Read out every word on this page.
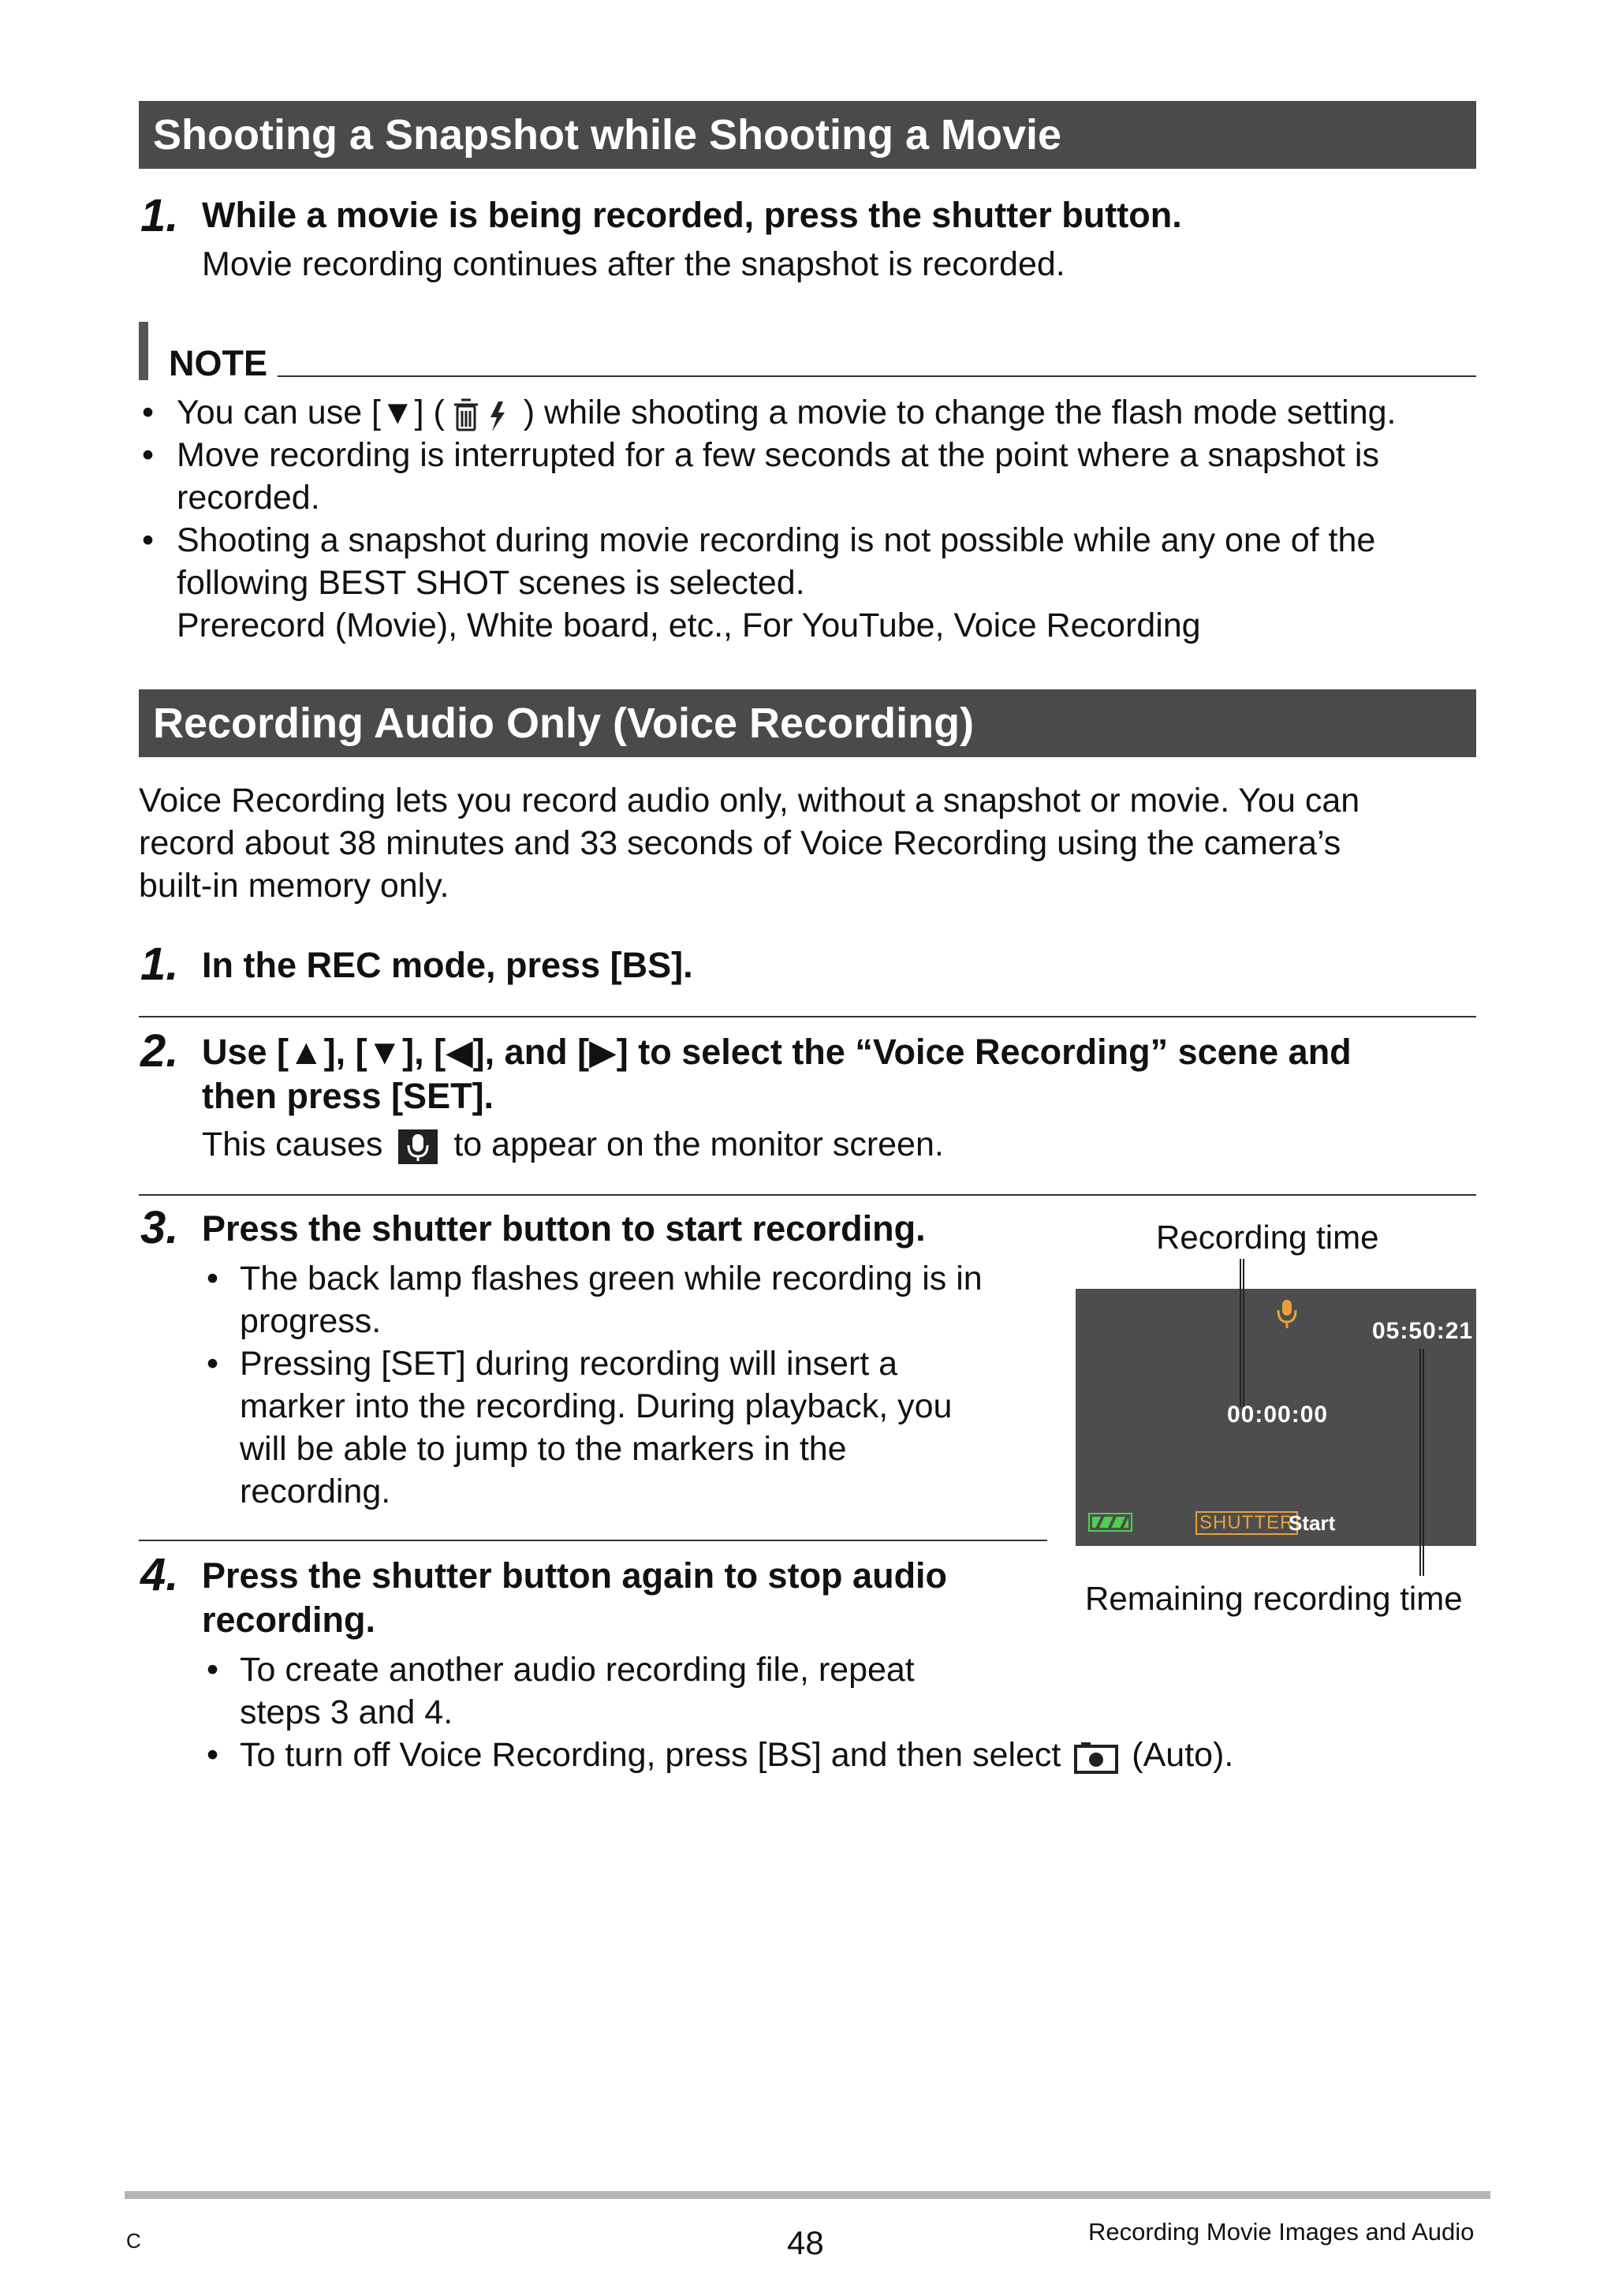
Shooting a Snapshot while Shooting a Movie
1. While a movie is being recorded, press the shutter button.
Movie recording continues after the snapshot is recorded.
NOTE
• You can use [▼] ( ) while shooting a movie to change the flash mode setting.
• Move recording is interrupted for a few seconds at the point where a snapshot is
recorded.
• Shooting a snapshot during movie recording is not possible while any one of the
following BEST SHOT scenes is selected.
Prerecord (Movie), White board, etc., For YouTube, Voice Recording
Recording Audio Only (Voice Recording)
Voice Recording lets you record audio only, without a snapshot or movie. You can
record about 38 minutes and 33 seconds of Voice Recording using the camera’s
built-in memory only.
1. In the REC mode, press [BS].
2. Use [▲], [▼], [◀], and [▶] to select the “Voice Recording” scene and
then press [SET].
This causes to appear on the monitor screen.
3. Press the shutter button to start recording.
• The back lamp flashes green while recording is in
progress.
• Pressing [SET] during recording will insert a
marker into the recording. During playback, you
will be able to jump to the markers in the
recording.
4. Press the shutter button again to stop audio
recording.
• To create another audio recording file, repeat
steps 3 and 4.
• To turn off Voice Recording, press [BS] and then select (Auto).
Recording time
Remaining recording time
05:50:21
00:00:00
SHUTTER
Start
C	48	Recording Movie Images and Audio
